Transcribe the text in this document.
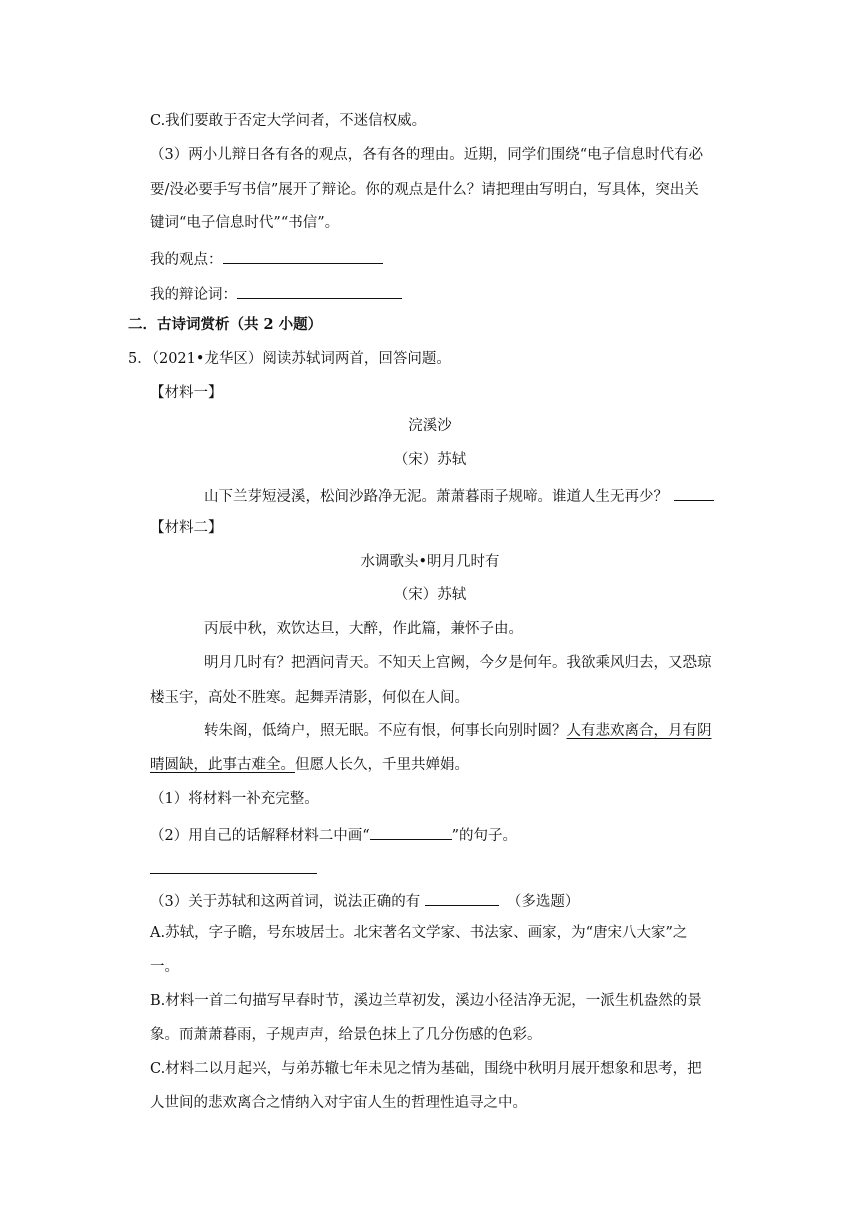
C.我们要敢于否定大学问者，不迷信权威。
（3）两小儿辩日各有各的观点，各有各的理由。近期，同学们围绕“电子信息时代有必
要/没必要手写书信”展开了辩论。你的观点是什么？请把理由写明白，写具体，突出关
键词“电子信息时代”“书信”。
我的观点：
我的辩论词：
二．古诗词赏析（共 2 小题）
5．（2021•龙华区）阅读苏轼词两首，回答问题。
【材料一】
浣溪沙
（宋）苏轼
山下兰芽短浸溪，松间沙路净无泥。萧萧暮雨子规啼。谁道人生无再少？
【材料二】
水调歌头•明月几时有
（宋）苏轼
丙辰中秋，欢饮达旦，大醉，作此篇，兼怀子由。
明月几时有？把酒问青天。不知天上宫阙，今夕是何年。我欲乘风归去，又恐琼
楼玉宇，高处不胜寒。起舞弄清影，何似在人间。
转朱阁，低绮户，照无眠。不应有恨，何事长向别时圆？人有悲欢离合，月有阴
晴圆缺，此事古难全。但愿人长久，千里共婵娟。
（1）将材料一补充完整。
（2）用自己的话解释材料二中画“	”的句子。
（3）关于苏轼和这两首词，说法正确的有	（多选题）
A.苏轼，字子瞻，号东坡居士。北宋著名文学家、书法家、画家，为“唐宋八大家”之
一。
B.材料一首二句描写早春时节，溪边兰草初发，溪边小径洁净无泥，一派生机盎然的景
象。而萧萧暮雨，子规声声，给景色抹上了几分伤感的色彩。
C.材料二以月起兴，与弟苏辙七年未见之情为基础，围绕中秋明月展开想象和思考，把
人世间的悲欢离合之情纳入对宇宙人生的哲理性追寻之中。
